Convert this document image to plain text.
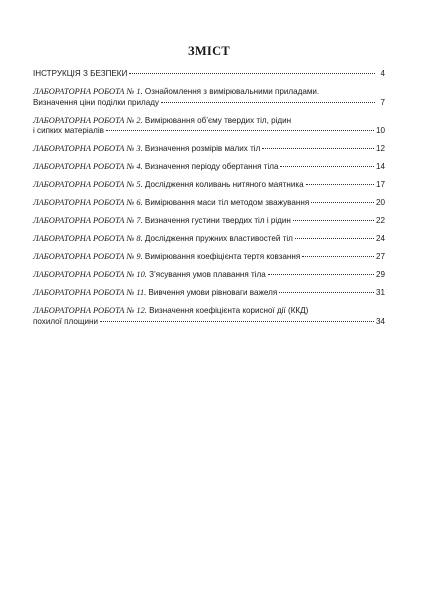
ЗМІСТ
ІНСТРУКЦІЯ З БЕЗПЕКИ	4
ЛАБОРАТОРНА РОБОТА № 1. Ознайомлення з вимірювальними приладами.
Визначення ціни поділки приладу	7
ЛАБОРАТОРНА РОБОТА № 2. Вимірювання об’єму твердих тіл, рідин
і сипких матеріалів	10
ЛАБОРАТОРНА РОБОТА № 3. Визначення розмірів малих тіл	12
ЛАБОРАТОРНА РОБОТА № 4. Визначення періоду обертання тіла	14
ЛАБОРАТОРНА РОБОТА № 5. Дослідження коливань нитяного маятника	17
ЛАБОРАТОРНА РОБОТА № 6. Вимірювання маси тіл методом зважування	20
ЛАБОРАТОРНА РОБОТА № 7. Визначення густини твердих тіл і рідин	22
ЛАБОРАТОРНА РОБОТА № 8. Дослідження пружних властивостей тіл	24
ЛАБОРАТОРНА РОБОТА № 9. Вимірювання коефіцієнта тертя ковзання	27
ЛАБОРАТОРНА РОБОТА № 10. З’ясування умов плавання тіла	29
ЛАБОРАТОРНА РОБОТА № 11. Вивчення умови рівноваги важеля	31
ЛАБОРАТОРНА РОБОТА № 12. Визначення коефіцієнта корисної дії (ККД)
похилої площини	34
